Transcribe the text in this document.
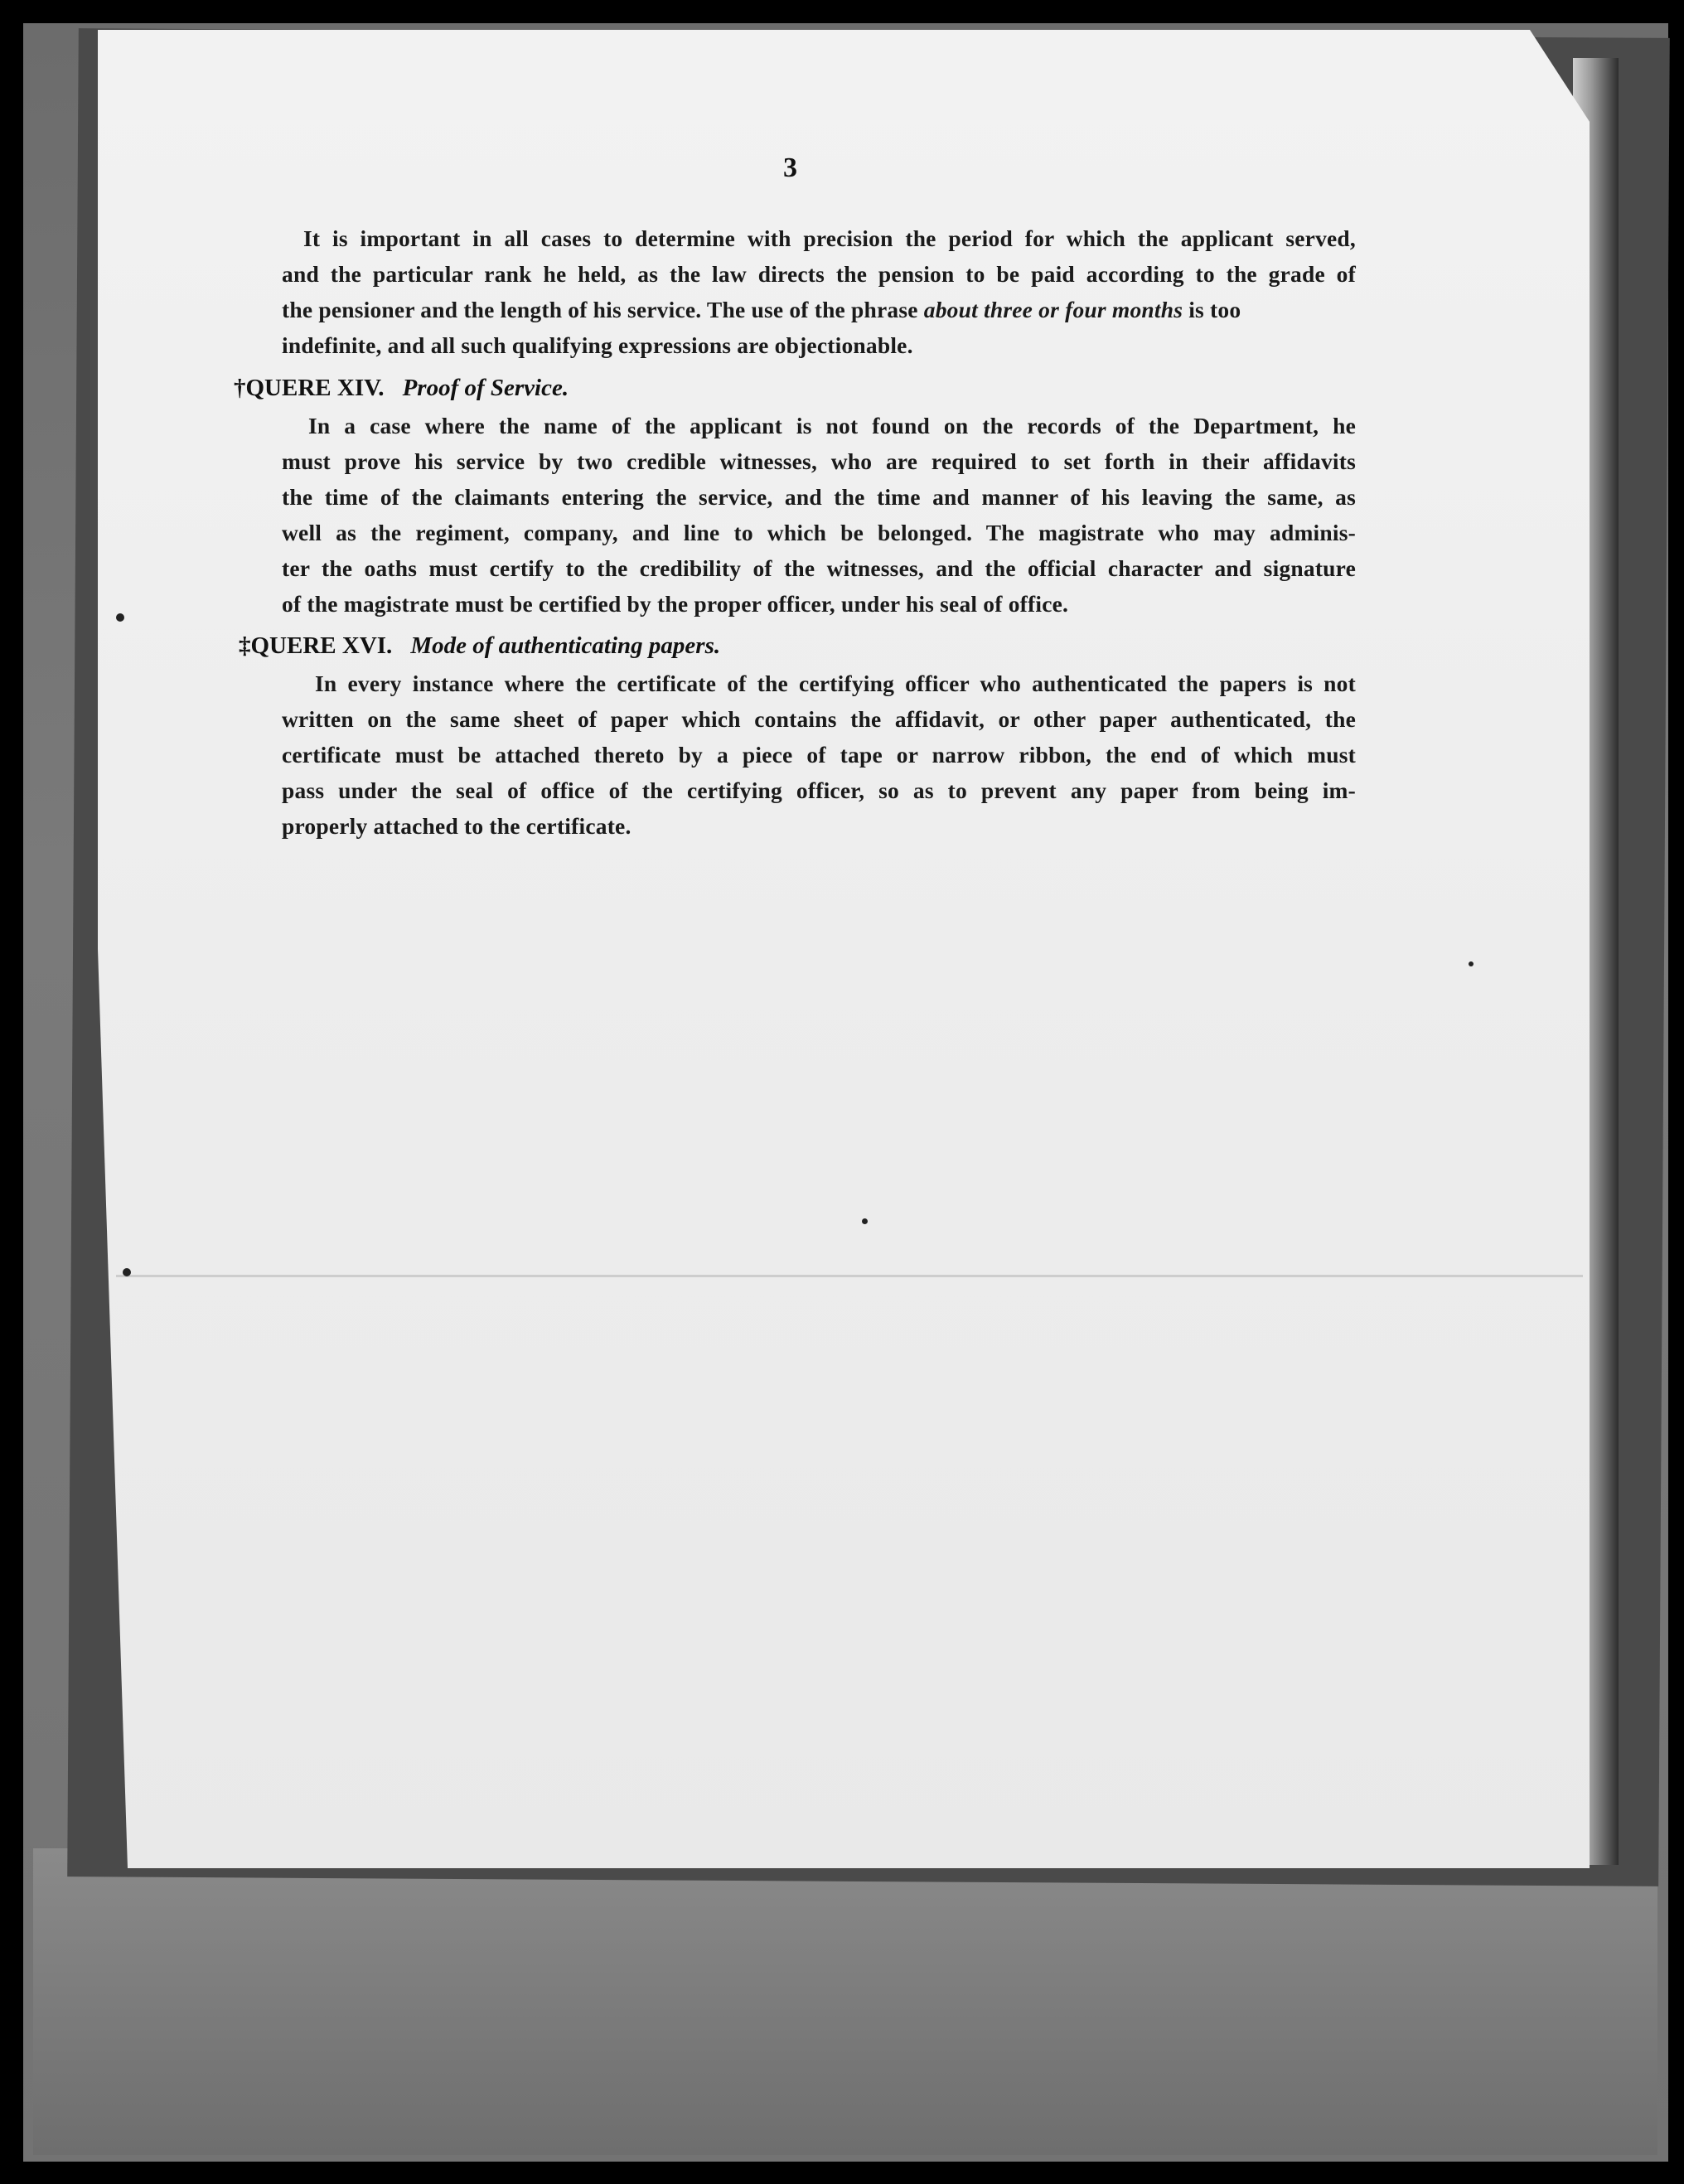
3
It is important in all cases to determine with precision the period for which the applicant served,
and the particular rank he held, as the law directs the pension to be paid according to the grade of
the pensioner and the length of his service. The use of the phrase about three or four months is too
indefinite, and all such qualifying expressions are objectionable.
†QUERE XIV. Proof of Service.
In a case where the name of the applicant is not found on the records of the Department, he
must prove his service by two credible witnesses, who are required to set forth in their affidavits
the time of the claimants entering the service, and the time and manner of his leaving the same, as
well as the regiment, company, and line to which be belonged. The magistrate who may adminis-
ter the oaths must certify to the credibility of the witnesses, and the official character and signature
of the magistrate must be certified by the proper officer, under his seal of office.
‡QUERE XVI. Mode of authenticating papers.
In every instance where the certificate of the certifying officer who authenticated the papers is not
written on the same sheet of paper which contains the affidavit, or other paper authenticated, the
certificate must be attached thereto by a piece of tape or narrow ribbon, the end of which must
pass under the seal of office of the certifying officer, so as to prevent any paper from being im-
properly attached to the certificate.
